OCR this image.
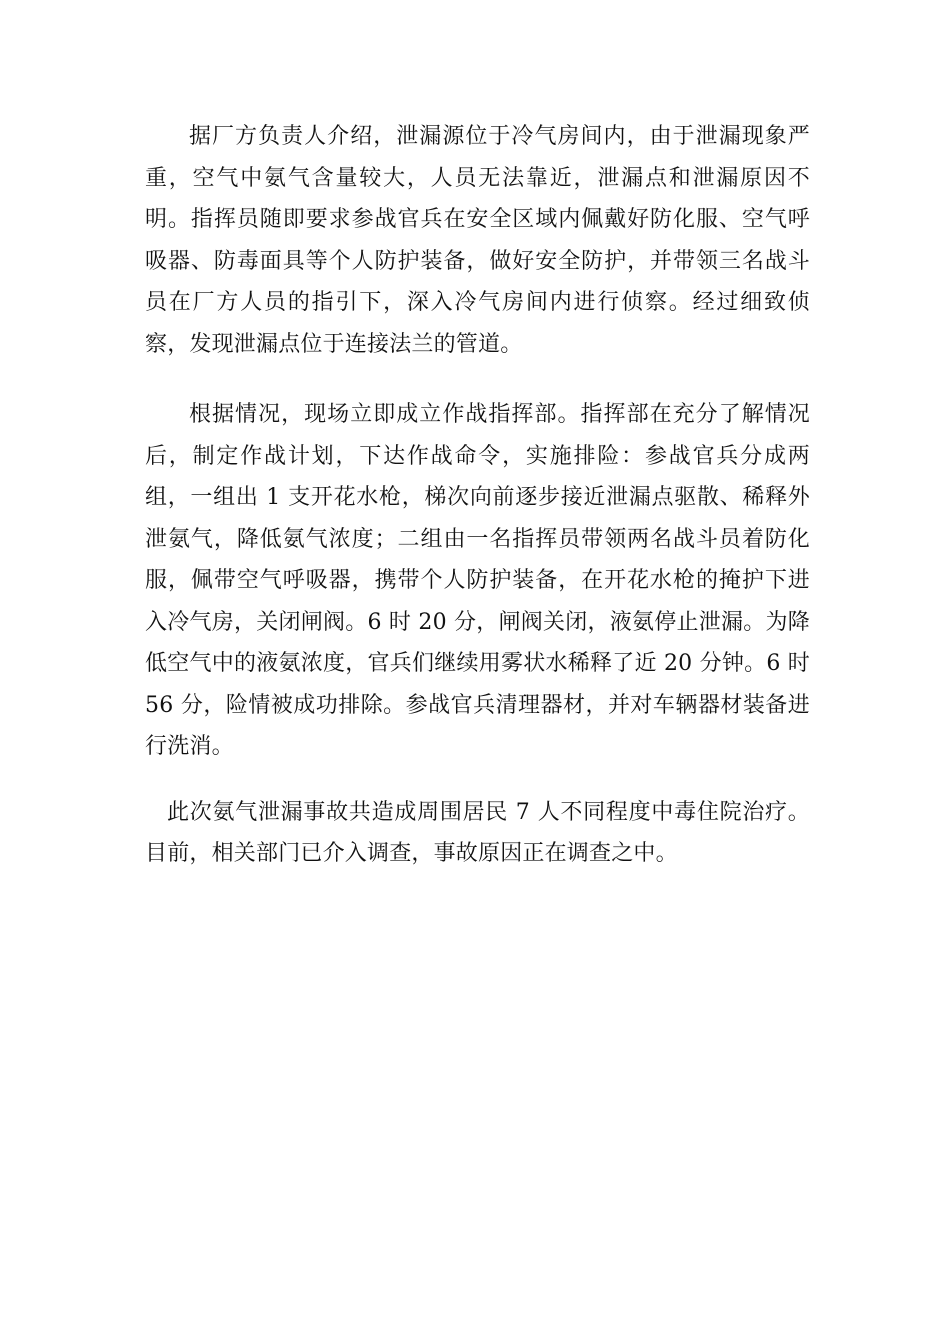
据厂方负责人介绍，泄漏源位于冷气房间内，由于泄漏现象严重，空气中氨气含量较大，人员无法靠近，泄漏点和泄漏原因不明。指挥员随即要求参战官兵在安全区域内佩戴好防化服、空气呼吸器、防毒面具等个人防护装备，做好安全防护，并带领三名战斗员在厂方人员的指引下，深入冷气房间内进行侦察。经过细致侦察，发现泄漏点位于连接法兰的管道。

根据情况，现场立即成立作战指挥部。指挥部在充分了解情况后，制定作战计划，下达作战命令，实施排险：参战官兵分成两组，一组出 1 支开花水枪，梯次向前逐步接近泄漏点驱散、稀释外泄氨气，降低氨气浓度；二组由一名指挥员带领两名战斗员着防化服，佩带空气呼吸器，携带个人防护装备，在开花水枪的掩护下进入冷气房，关闭闸阀。6 时 20 分，闸阀关闭，液氨停止泄漏。为降低空气中的液氨浓度，官兵们继续用雾状水稀释了近 20 分钟。6 时 56 分，险情被成功排除。参战官兵清理器材，并对车辆器材装备进行洗消。

此次氨气泄漏事故共造成周围居民 7 人不同程度中毒住院治疗。目前，相关部门已介入调查，事故原因正在调查之中。
